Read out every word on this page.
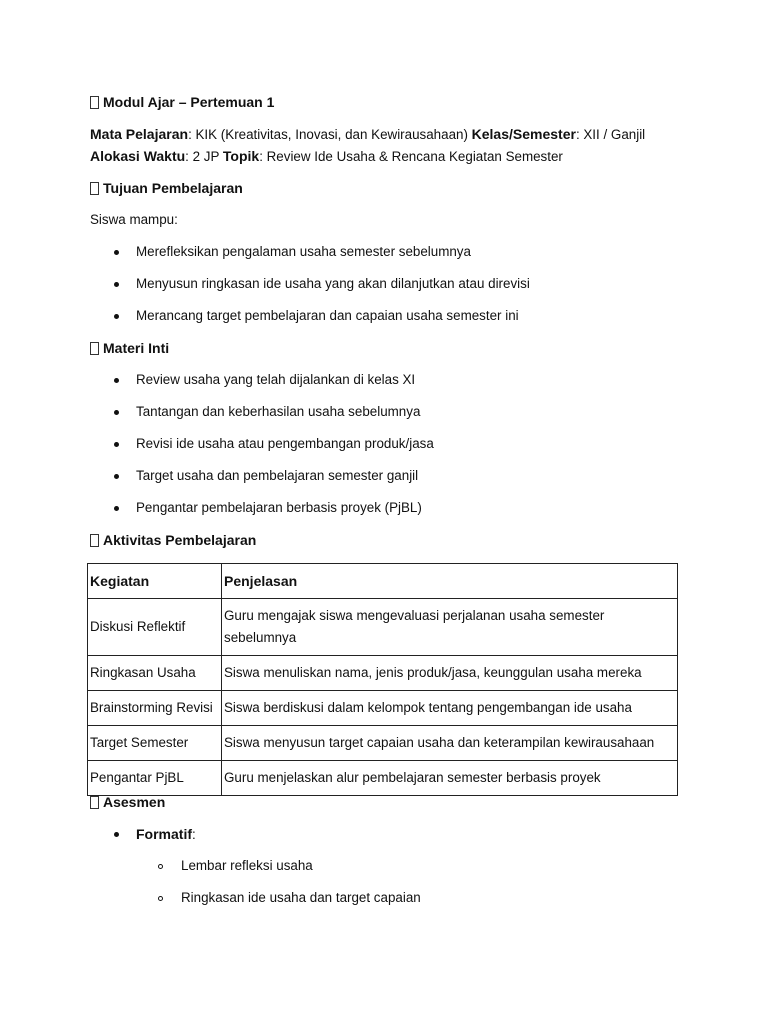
Modul Ajar – Pertemuan 1
Mata Pelajaran: KIK (Kreativitas, Inovasi, dan Kewirausahaan) Kelas/Semester: XII / Ganjil
Alokasi Waktu: 2 JP Topik: Review Ide Usaha & Rencana Kegiatan Semester
Tujuan Pembelajaran
Siswa mampu:
Merefleksikan pengalaman usaha semester sebelumnya
Menyusun ringkasan ide usaha yang akan dilanjutkan atau direvisi
Merancang target pembelajaran dan capaian usaha semester ini
Materi Inti
Review usaha yang telah dijalankan di kelas XI
Tantangan dan keberhasilan usaha sebelumnya
Revisi ide usaha atau pengembangan produk/jasa
Target usaha dan pembelajaran semester ganjil
Pengantar pembelajaran berbasis proyek (PjBL)
Aktivitas Pembelajaran
Kegiatan	Penjelasan
Diskusi Reflektif	Guru mengajak siswa mengevaluasi perjalanan usaha semester sebelumnya
Ringkasan Usaha	Siswa menuliskan nama, jenis produk/jasa, keunggulan usaha mereka
Brainstorming Revisi	Siswa berdiskusi dalam kelompok tentang pengembangan ide usaha
Target Semester	Siswa menyusun target capaian usaha dan keterampilan kewirausahaan
Pengantar PjBL	Guru menjelaskan alur pembelajaran semester berbasis proyek
Asesmen
Formatif:
Lembar refleksi usaha
Ringkasan ide usaha dan target capaian
